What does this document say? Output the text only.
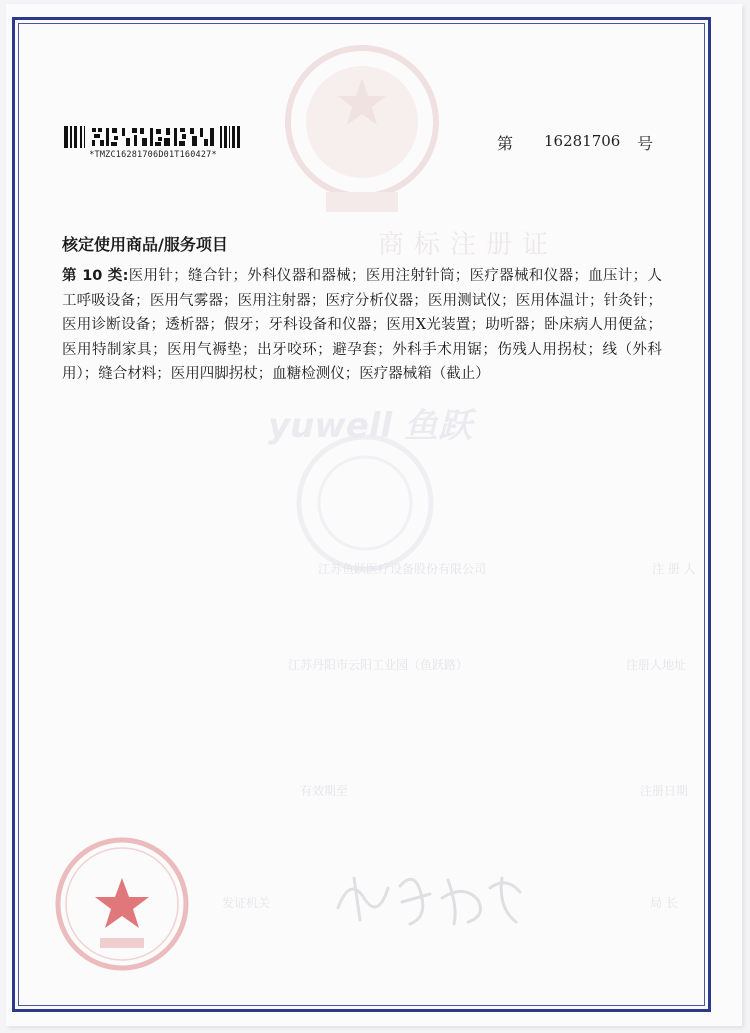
商标注册证
yuwell 鱼跃
注 册 人
江苏鱼跃医疗设备股份有限公司
注册人地址
江苏丹阳市云阳工业园（鱼跃路）
注册日期
有效期至
局 长
发证机关
*TMZC16281706D01T160427*
第 16281706 号
核定使用商品/服务项目
第 10 类:医用针；缝合针；外科仪器和器械；医用注射针筒；医疗器械和仪器；血压计；人工呼吸设备；医用气雾器；医用注射器；医疗分析仪器；医用测试仪；医用体温计；针灸针；医用诊断设备；透析器；假牙；牙科设备和仪器；医用X光装置；助听器；卧床病人用便盆；医用特制家具；医用气褥垫；出牙咬环；避孕套；外科手术用锯；伤残人用拐杖；线（外科用）；缝合材料；医用四脚拐杖；血糖检测仪；医疗器械箱（截止）
